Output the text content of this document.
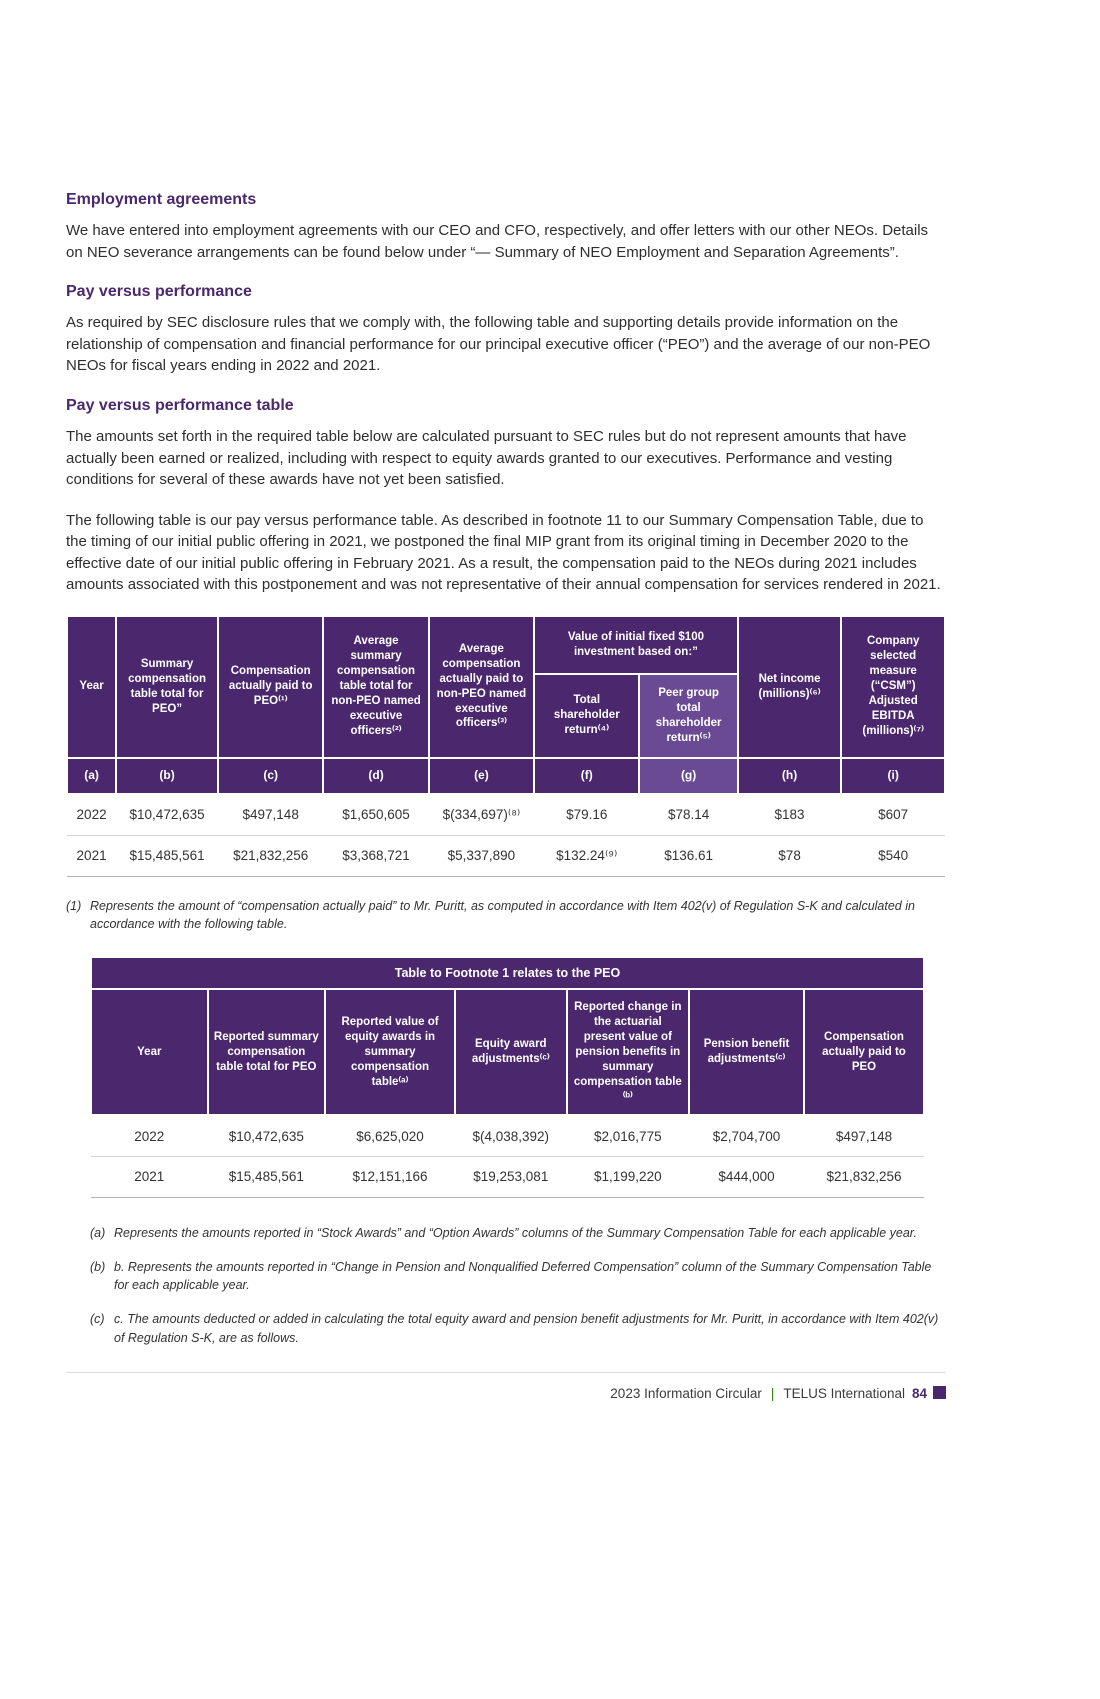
Employment agreements

We have entered into employment agreements with our CEO and CFO, respectively, and offer letters with our other NEOs. Details on NEO severance arrangements can be found below under “— Summary of NEO Employment and Separation Agreements”.

Pay versus performance

As required by SEC disclosure rules that we comply with, the following table and supporting details provide information on the relationship of compensation and financial performance for our principal executive officer (“PEO”) and the average of our non-PEO NEOs for fiscal years ending in 2022 and 2021.

Pay versus performance table

The amounts set forth in the required table below are calculated pursuant to SEC rules but do not represent amounts that have actually been earned or realized, including with respect to equity awards granted to our executives. Performance and vesting conditions for several of these awards have not yet been satisfied.

The following table is our pay versus performance table. As described in footnote 11 to our Summary Compensation Table, due to the timing of our initial public offering in 2021, we postponed the final MIP grant from its original timing in December 2020 to the effective date of our initial public offering in February 2021. As a result, the compensation paid to the NEOs during 2021 includes amounts associated with this postponement and was not representative of their annual compensation for services rendered in 2021.

Year	Summary compensation table total for PEO”	Compensation actually paid to PEO⁽¹⁾	Average summary compensation table total for non-PEO named executive officers⁽²⁾	Average compensation actually paid to non-PEO named executive officers⁽³⁾	Value of initial fixed $100 investment based on:”		Net income (millions)⁽⁶⁾	Company selected measure (“CSM”) Adjusted EBITDA (millions)⁽⁷⁾
					Total shareholder return⁽⁴⁾	Peer group total shareholder return⁽⁵⁾		
(a)	(b)	(c)	(d)	(e)	(f)	(g)	(h)	(i)
2022	$10,472,635	$497,148	$1,650,605	$(334,697)⁽⁸⁾	$79.16	$78.14	$183	$607
2021	$15,485,561	$21,832,256	$3,368,721	$5,337,890	$132.24⁽⁹⁾	$136.61	$78	$540
(1) Represents the amount of “compensation actually paid” to Mr. Puritt, as computed in accordance with Item 402(v) of Regulation S-K and calculated in accordance with the following table.
Table to Footnote 1 relates to the PEO						
Year	Reported summary compensation table total for PEO	Reported value of equity awards in summary compensation table⁽ᵃ⁾	Equity award adjustments⁽ᶜ⁾	Reported change in the actuarial present value of pension benefits in summary compensation table ⁽ᵇ⁾	Pension benefit adjustments⁽ᶜ⁾	Compensation actually paid to PEO
2022	$10,472,635	$6,625,020	$(4,038,392)	$2,016,775	$2,704,700	$497,148
2021	$15,485,561	$12,151,166	$19,253,081	$1,199,220	$444,000	$21,832,256
(a) Represents the amounts reported in “Stock Awards” and “Option Awards” columns of the Summary Compensation Table for each applicable year.
(b) b. Represents the amounts reported in “Change in Pension and Nonqualified Deferred Compensation” column of the Summary Compensation Table for each applicable year.
(c) c. The amounts deducted or added in calculating the total equity award and pension benefit adjustments for Mr. Puritt, in accordance with Item 402(v) of Regulation S-K, are as follows.
2023 Information Circular | TELUS International 84
